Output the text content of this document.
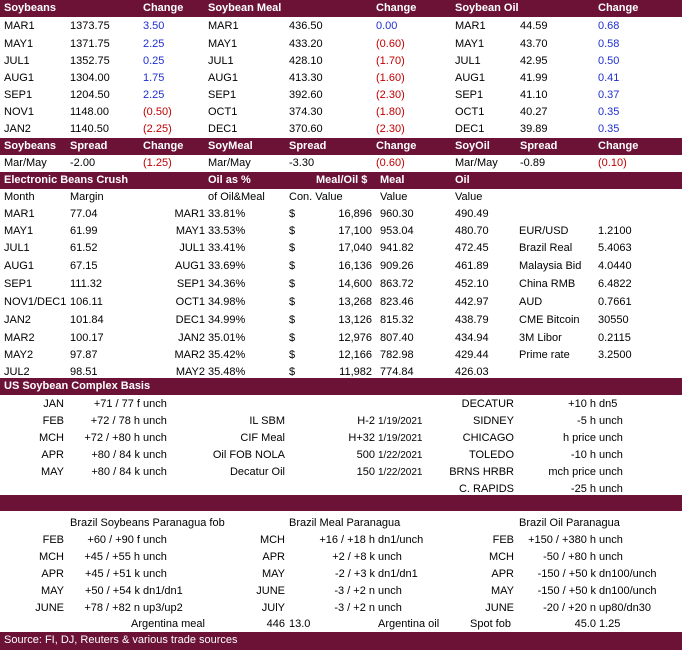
Soybeans	Change Soybean Meal	Change	Soybean Oil	Change
MAR1	1373.75	3.50	MAR1	436.50	0.00	MAR1	44.59	0.68
MAY1	1371.75	2.25	MAY1	433.20	(0.60)	MAY1	43.70	0.58
JUL1	1352.75	0.25	JUL1	428.10	(1.70)	JUL1	42.95	0.50
AUG1	1304.00	1.75	AUG1	413.30	(1.60)	AUG1	41.99	0.41
SEP1	1204.50	2.25	SEP1	392.60	(2.30)	SEP1	41.10	0.37
NOV1	1148.00	(0.50)	OCT1	374.30	(1.80)	OCT1	40.27	0.35
JAN2	1140.50	(2.25)	DEC1	370.60	(2.30)	DEC1	39.89	0.35
Soybeans Spread	Change SoyMeal	Spread	Change	SoyOil	Spread	Change
Mar/May -2.00	(1.25)	Mar/May	-3.30	(0.60)	Mar/May -0.89	(0.10)
Electronic Beans Crush	Oil as %	Meal/Oil $ Meal	Oil
Month	Margin	of Oil&Meal Con. Value	Value	Value
MAR1	77.04	MAR1 33.81%	$	16,896 960.30	490.49
MAY1	61.99	MAY1 33.53%	$	17,100 953.04	480.70	EUR/USD	1.2100
JUL1	61.52	JUL1 33.41%	$	17,040 941.82	472.45	Brazil Real 5.4063
AUG1	67.15	AUG1 33.69%	$	16,136 909.26	461.89	Malaysia Bid 4.0440
SEP1	111.32	SEP1 34.36%	$	14,600 863.72	452.10	China RMB 6.4822
NOV1/DEC1 106.11	OCT1 34.98%	$	13,268 823.46	442.97	AUD	0.7661
JAN2	101.84	DEC1 34.99%	$	13,126 815.32	438.79	CME Bitcoin 30550
MAR2	100.17	JAN2 35.01%	$	12,976 807.40	434.94	3M Libor	0.2115
MAY2	97.87	MAR2 35.42%	$	12,166 782.98	429.44	Prime rate	3.2500
JUL2	98.51	MAY2 35.48%	$	11,982 774.84	426.03
US Soybean Complex Basis
JAN	+71 / 77 f unch	DECATUR	+10 h dn5
FEB	+72 / 78 h unch	IL SBM	H-2 1/19/2021	SIDNEY	-5 h unch
MCH	+72 / +80 h unch	CIF Meal	H+32 1/19/2021	CHICAGO	h price unch
APR	+80 / 84 k unch	Oil FOB NOLA	500 1/22/2021	TOLEDO	-10 h unch
MAY	+80 / 84 k unch	Decatur Oil	150 1/22/2021	BRNS HRBR	mch price unch
C. RAPIDS	-25 h unch
Brazil Soybeans Paranagua fob	Brazil Meal Paranagua	Brazil Oil Paranagua
FEB	+60 / +90 f unch	MCH	+16 / +18 h dn1/unch	FEB	+150 / +380 h unch
MCH	+45 / +55 h unch	APR	+2 / +8 k unch	MCH	-50 / +80 h unch
APR	+45 / +51 k unch	MAY	-2 / +3 k dn1/dn1	APR	-150 / +50 k dn100/unch
MAY	+50 / +54 k dn1/dn1	JUNE	-3 / +2 n unch	MAY	-150 / +50 k dn100/unch
JUNE	+78 / +82 n up3/up2	JUlY	-3 / +2 n unch	JUNE	-20 / +20 n up80/dn30
Argentina meal	446 13.0	Argentina oil	Spot fob	45.0 1.25
Source: FI, DJ, Reuters & various trade sources
